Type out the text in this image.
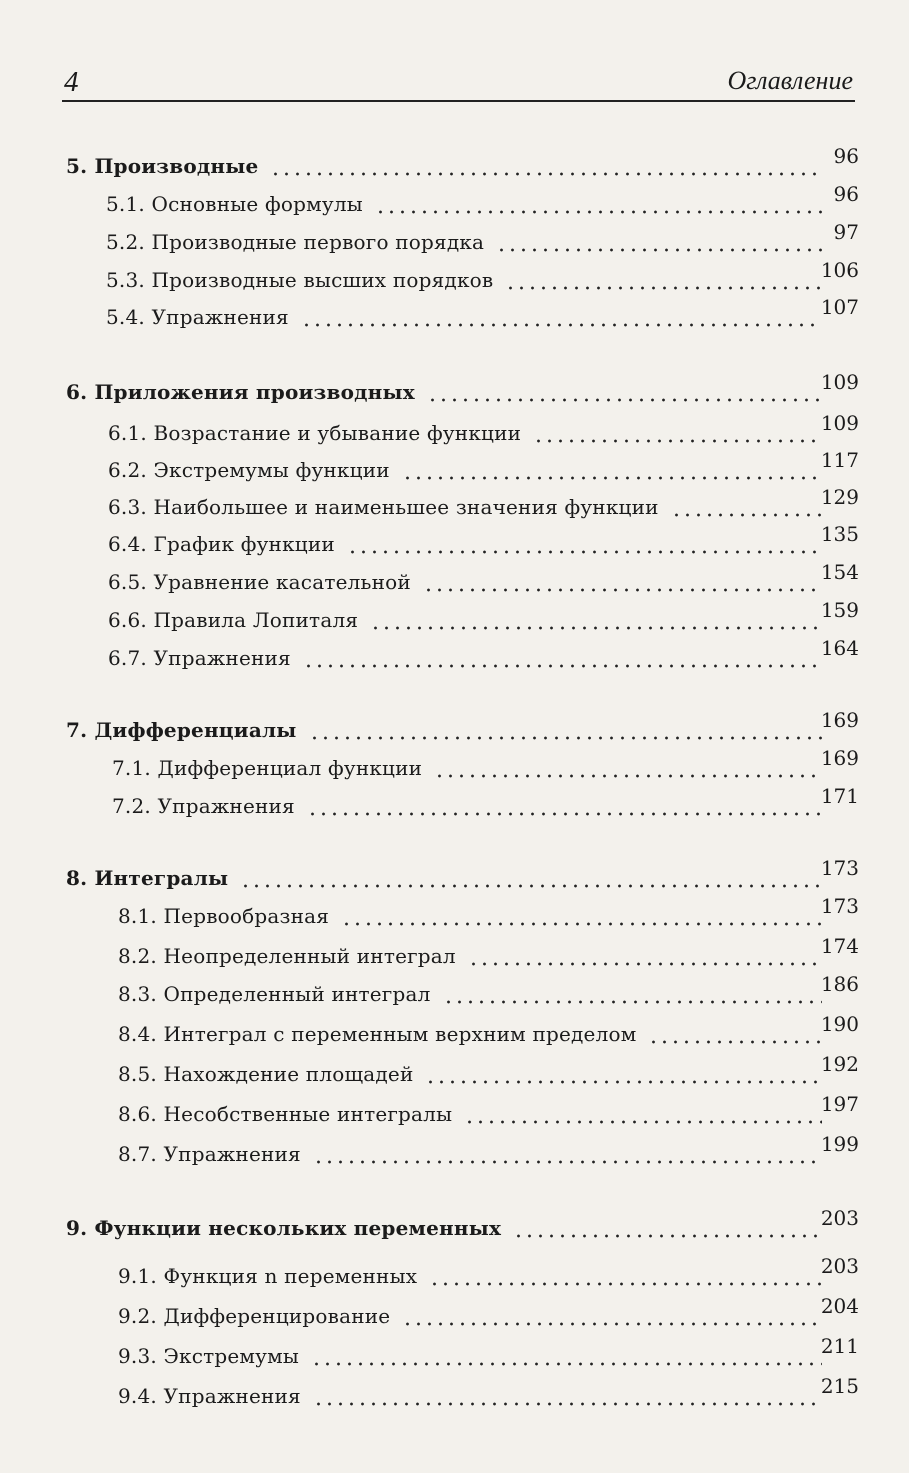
4	Оглавление
5. Производные	96
5.1. Основные формулы	96
5.2. Производные первого порядка	97
5.3. Производные высших порядков	106
5.4. Упражнения	107
6. Приложения производных	109
6.1. Возрастание и убывание функции	109
6.2. Экстремумы функции	117
6.3. Наибольшее и наименьшее значения функции	129
6.4. График функции	135
6.5. Уравнение касательной	154
6.6. Правила Лопиталя	159
6.7. Упражнения	164
7. Дифференциалы	169
7.1. Дифференциал функции	169
7.2. Упражнения	171
8. Интегралы	173
8.1. Первообразная	173
8.2. Неопределенный интеграл	174
8.3. Определенный интеграл	186
8.4. Интеграл с переменным верхним пределом	190
8.5. Нахождение площадей	192
8.6. Несобственные интегралы	197
8.7. Упражнения	199
9. Функции нескольких переменных	203
9.1. Функция n переменных	203
9.2. Дифференцирование	204
9.3. Экстремумы	211
9.4. Упражнения	215
